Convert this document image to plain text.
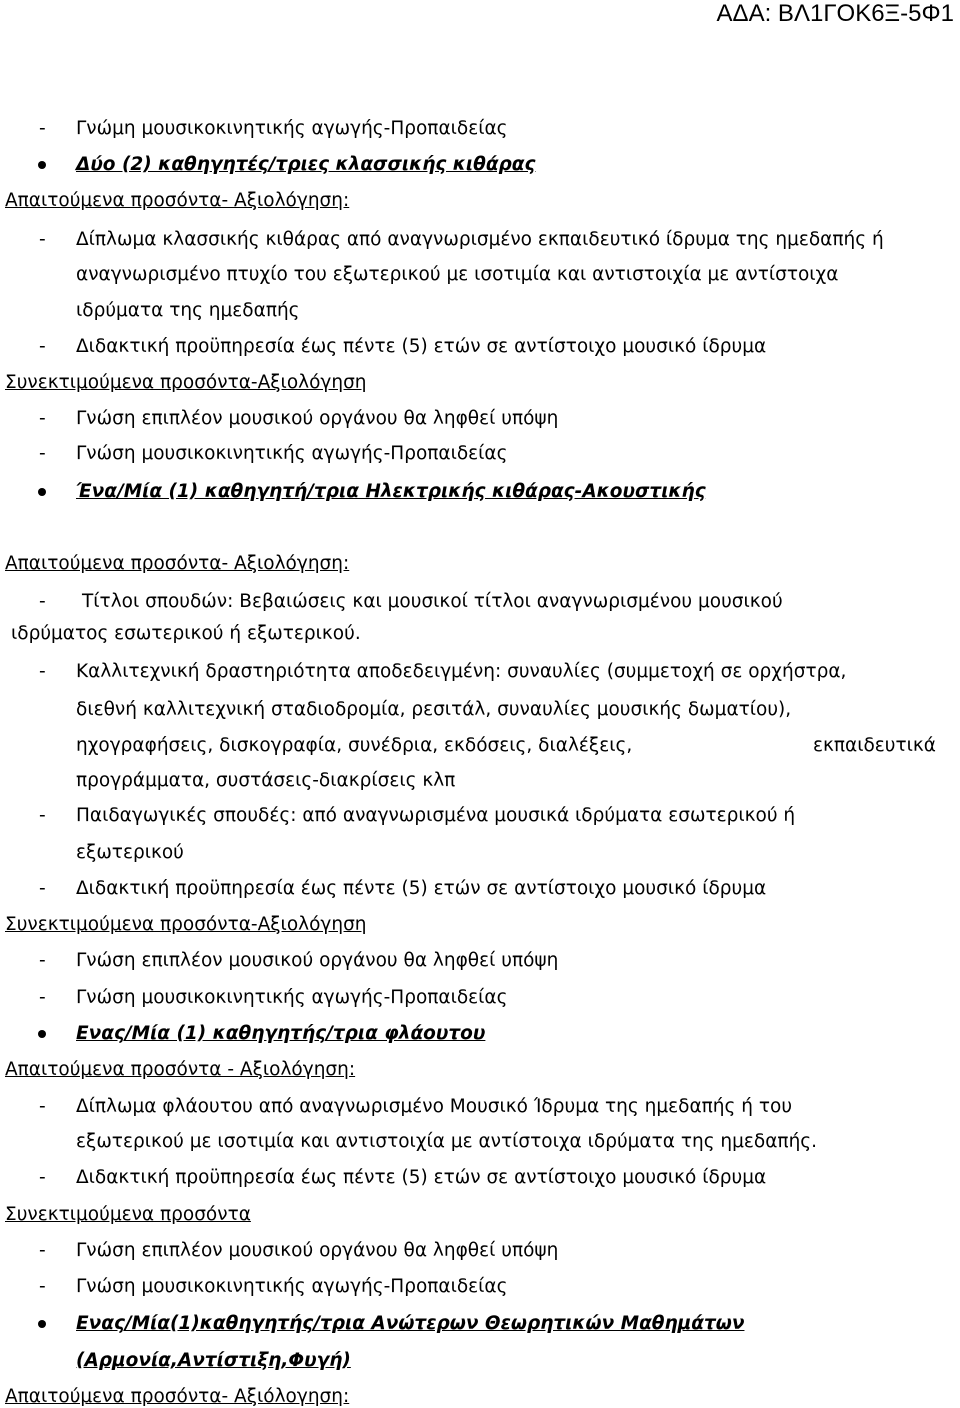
ΑΔΑ: ΒΛ1ΓΟΚ6Ξ-5Φ1
- Γνώμη μουσικοκινητικής αγωγής-Προπαιδείας
Δύο (2) καθηγητές/τριες κλασσικής κιθάρας
Απαιτούμενα προσόντα- Αξιολόγηση:
- Δίπλωμα κλασσικής κιθάρας από αναγνωρισμένο εκπαιδευτικό ίδρυμα της ημεδαπής ή
αναγνωρισμένο πτυχίο του εξωτερικού με ισοτιμία και αντιστοιχία με αντίστοιχα
ιδρύματα της ημεδαπής
- Διδακτική προϋπηρεσία έως πέντε (5) ετών σε αντίστοιχο μουσικό ίδρυμα
Συνεκτιμούμενα προσόντα-Αξιολόγηση
- Γνώση επιπλέον μουσικού οργάνου θα ληφθεί υπόψη
- Γνώση μουσικοκινητικής αγωγής-Προπαιδείας
Ένα/Μία (1) καθηγητή/τρια Ηλεκτρικής κιθάρας-Ακουστικής
Απαιτούμενα προσόντα- Αξιολόγηση:
- Τίτλοι σπουδών: Βεβαιώσεις και μουσικοί τίτλοι αναγνωρισμένου μουσικού
ιδρύματος εσωτερικού ή εξωτερικού.
- Καλλιτεχνική δραστηριότητα αποδεδειγμένη: συναυλίες (συμμετοχή σε ορχήστρα,
διεθνή καλλιτεχνική σταδιοδρομία, ρεσιτάλ, συναυλίες μουσικής δωματίου),
ηχογραφήσεις, δισκογραφία, συνέδρια, εκδόσεις, διαλέξεις,	εκπαιδευτικά
προγράμματα, συστάσεις-διακρίσεις κλπ
- Παιδαγωγικές σπουδές: από αναγνωρισμένα μουσικά ιδρύματα εσωτερικού ή
εξωτερικού
- Διδακτική προϋπηρεσία έως πέντε (5) ετών σε αντίστοιχο μουσικό ίδρυμα
Συνεκτιμούμενα προσόντα-Αξιολόγηση
- Γνώση επιπλέον μουσικού οργάνου θα ληφθεί υπόψη
- Γνώση μουσικοκινητικής αγωγής-Προπαιδείας
Ενας/Μία (1) καθηγητής/τρια φλάουτου
Απαιτούμενα προσόντα - Αξιολόγηση:
- Δίπλωμα φλάουτου από αναγνωρισμένο Μουσικό Ίδρυμα της ημεδαπής ή του
εξωτερικού με ισοτιμία και αντιστοιχία με αντίστοιχα ιδρύματα της ημεδαπής.
- Διδακτική προϋπηρεσία έως πέντε (5) ετών σε αντίστοιχο μουσικό ίδρυμα
Συνεκτιμούμενα προσόντα
- Γνώση επιπλέον μουσικού οργάνου θα ληφθεί υπόψη
- Γνώση μουσικοκινητικής αγωγής-Προπαιδείας
Ενας/Μία(1)καθηγητής/τρια Ανώτερων Θεωρητικών Μαθημάτων
(Αρμονία,Αντίστιξη,Φυγή)
Απαιτούμενα προσόντα- Αξιόλογηση:
